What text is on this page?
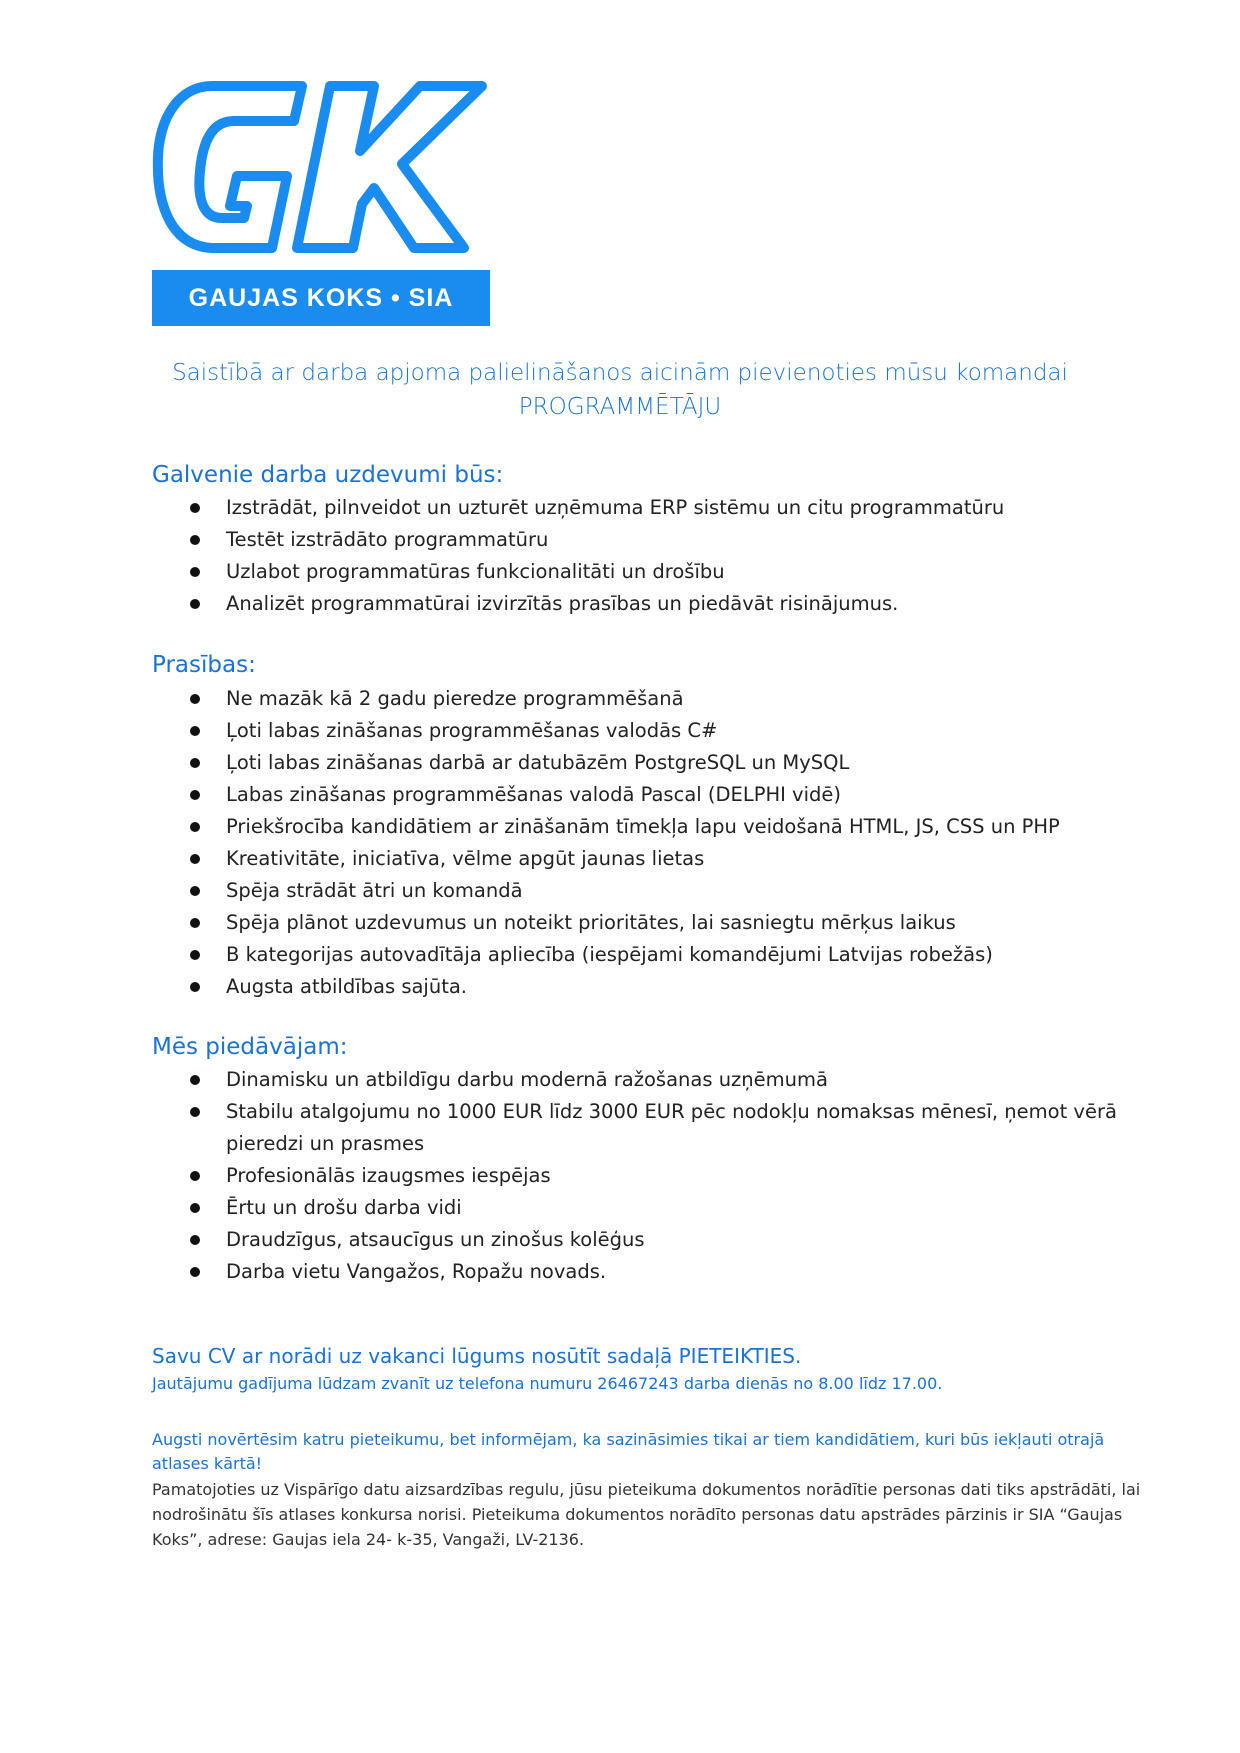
GAUJAS KOKS • SIA
Saistībā ar darba apjoma palielināšanos aicinām pievienoties mūsu komandai
PROGRAMMĒTĀJU
Galvenie darba uzdevumi būs:
Izstrādāt, pilnveidot un uzturēt uzņēmuma ERP sistēmu un citu programmatūru
Testēt izstrādāto programmatūru
Uzlabot programmatūras funkcionalitāti un drošību
Analizēt programmatūrai izvirzītās prasības un piedāvāt risinājumus.
Prasības:
Ne mazāk kā 2 gadu pieredze programmēšanā
Ļoti labas zināšanas programmēšanas valodās C#
Ļoti labas zināšanas darbā ar datubāzēm PostgreSQL un MySQL
Labas zināšanas programmēšanas valodā Pascal (DELPHI vidē)
Priekšrocība kandidātiem ar zināšanām tīmekļa lapu veidošanā HTML, JS, CSS un PHP
Kreativitāte, iniciatīva, vēlme apgūt jaunas lietas
Spēja strādāt ātri un komandā
Spēja plānot uzdevumus un noteikt prioritātes, lai sasniegtu mērķus laikus
B kategorijas autovadītāja apliecība (iespējami komandējumi Latvijas robežās)
Augsta atbildības sajūta.
Mēs piedāvājam:
Dinamisku un atbildīgu darbu modernā ražošanas uzņēmumā
Stabilu atalgojumu no 1000 EUR līdz 3000 EUR pēc nodokļu nomaksas mēnesī, ņemot vērā pieredzi un prasmes
Profesionālās izaugsmes iespējas
Ērtu un drošu darba vidi
Draudzīgus, atsaucīgus un zinošus kolēģus
Darba vietu Vangažos, Ropažu novads.
Savu CV ar norādi uz vakanci lūgums nosūtīt sadaļā PIETEIKTIES.
Jautājumu gadījuma lūdzam zvanīt uz telefona numuru 26467243 darba dienās no 8.00 līdz 17.00.
Augsti novērtēsim katru pieteikumu, bet informējam, ka sazināsimies tikai ar tiem kandidātiem, kuri būs iekļauti otrajā atlases kārtā!
Pamatojoties uz Vispārīgo datu aizsardzības regulu, jūsu pieteikuma dokumentos norādītie personas dati tiks apstrādāti, lai nodrošinātu šīs atlases konkursa norisi. Pieteikuma dokumentos norādīto personas datu apstrādes pārzinis ir SIA “Gaujas Koks”, adrese: Gaujas iela 24- k-35, Vangaži, LV-2136.
